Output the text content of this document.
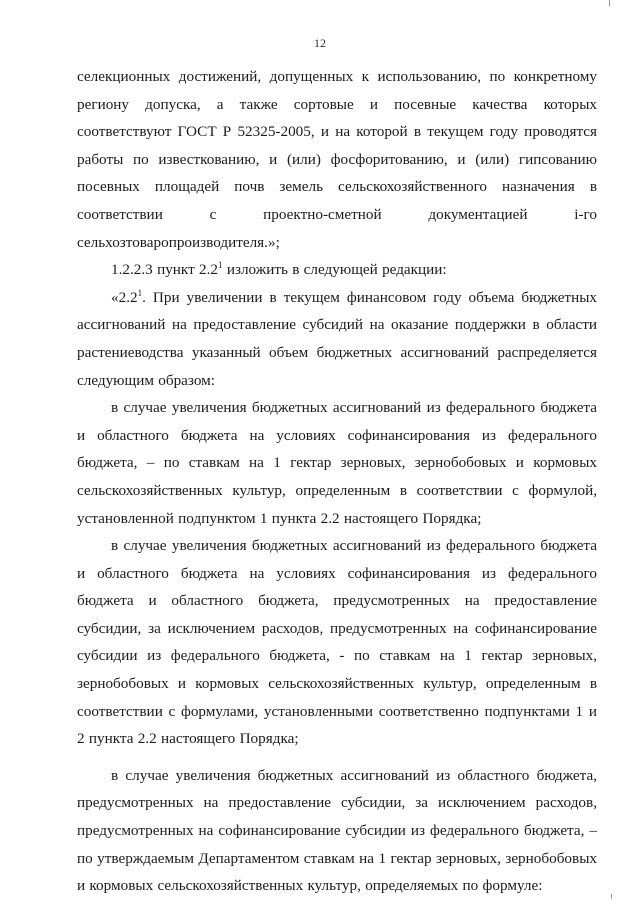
12

селекционных достижений, допущенных к использованию, по конкретному региону допуска, а также сортовые и посевные качества которых соответствуют ГОСТ Р 52325-2005, и на которой в текущем году проводятся работы по известкованию, и (или) фосфоритованию, и (или) гипсованию посевных площадей почв земель сельскохозяйственного назначения в соответствии с проектно-сметной документацией i-го сельхозтоваропроизводителя.»;

1.2.2.3 пункт $2.2^1$ изложить в следующей редакции:

«$2.2^1$. При увеличении в текущем финансовом году объема бюджетных ассигнований на предоставление субсидий на оказание поддержки в области растениеводства указанный объем бюджетных ассигнований распределяется следующим образом:

в случае увеличения бюджетных ассигнований из федерального бюджета и областного бюджета на условиях софинансирования из федерального бюджета, – по ставкам на 1 гектар зерновых, зернобобовых и кормовых сельскохозяйственных культур, определенным в соответствии с формулой, установленной подпунктом 1 пункта 2.2 настоящего Порядка;

в случае увеличения бюджетных ассигнований из федерального бюджета и областного бюджета на условиях софинансирования из федерального бюджета и областного бюджета, предусмотренных на предоставление субсидии, за исключением расходов, предусмотренных на софинансирование субсидии из федерального бюджета, - по ставкам на 1 гектар зерновых, зернобобовых и кормовых сельскохозяйственных культур, определенным в соответствии с формулами, установленными соответственно подпунктами 1 и 2 пункта 2.2 настоящего Порядка;

в случае увеличения бюджетных ассигнований из областного бюджета, предусмотренных на предоставление субсидии, за исключением расходов, предусмотренных на софинансирование субсидии из федерального бюджета, – по утверждаемым Департаментом ставкам на 1 гектар зерновых, зернобобовых и кормовых сельскохозяйственных культур, определяемых по формуле:
